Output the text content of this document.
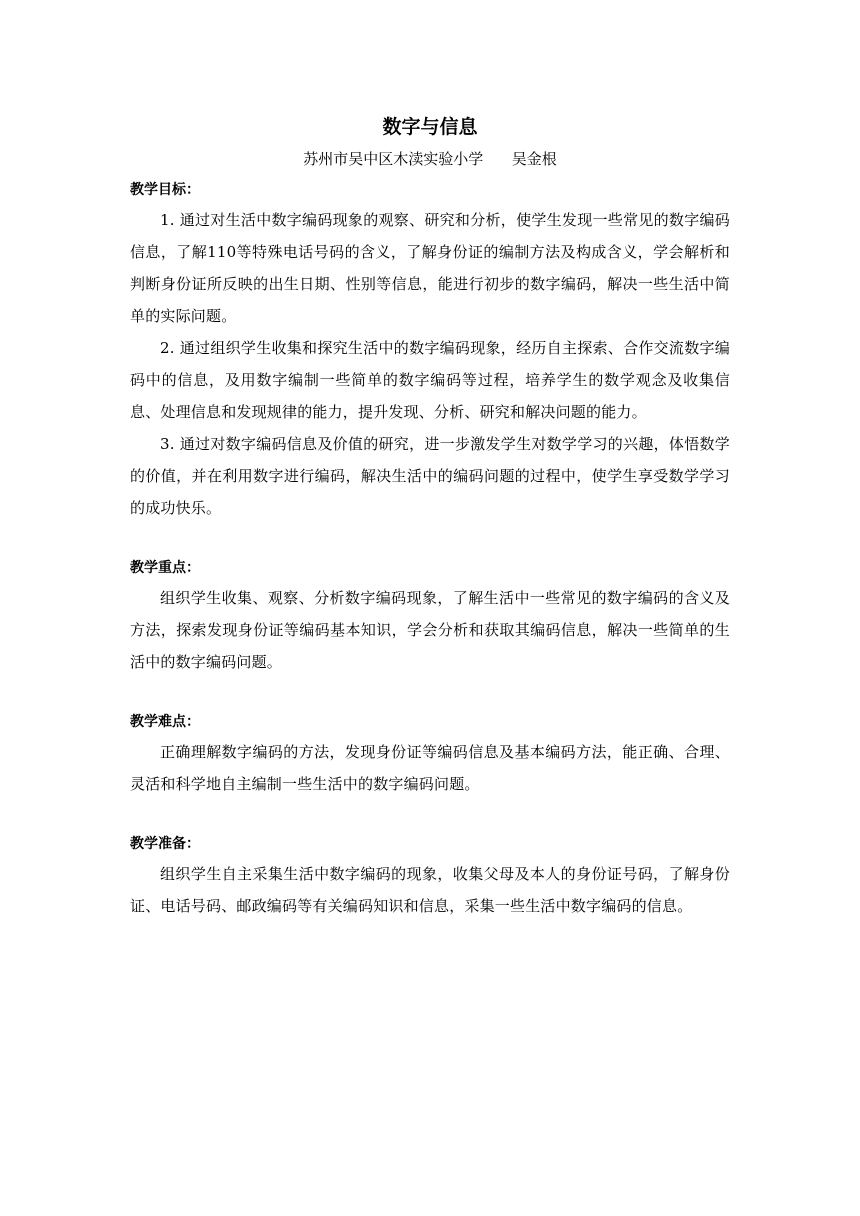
数字与信息

苏州市吴中区木渎实验小学      吴金根

教学目标：

1. 通过对生活中数字编码现象的观察、研究和分析，使学生发现一些常见的数字编码信息，了解110等特殊电话号码的含义，了解身份证的编制方法及构成含义，学会解析和判断身份证所反映的出生日期、性别等信息，能进行初步的数字编码，解决一些生活中简单的实际问题。

2. 通过组织学生收集和探究生活中的数字编码现象，经历自主探索、合作交流数字编码中的信息，及用数字编制一些简单的数字编码等过程，培养学生的数学观念及收集信息、处理信息和发现规律的能力，提升发现、分析、研究和解决问题的能力。

3. 通过对数字编码信息及价值的研究，进一步激发学生对数学学习的兴趣，体悟数学的价值，并在利用数字进行编码，解决生活中的编码问题的过程中，使学生享受数学学习的成功快乐。

教学重点：

组织学生收集、观察、分析数字编码现象，了解生活中一些常见的数字编码的含义及方法，探索发现身份证等编码基本知识，学会分析和获取其编码信息，解决一些简单的生活中的数字编码问题。

教学难点：

正确理解数字编码的方法，发现身份证等编码信息及基本编码方法，能正确、合理、灵活和科学地自主编制一些生活中的数字编码问题。

教学准备：

组织学生自主采集生活中数字编码的现象，收集父母及本人的身份证号码，了解身份证、电话号码、邮政编码等有关编码知识和信息，采集一些生活中数字编码的信息。
